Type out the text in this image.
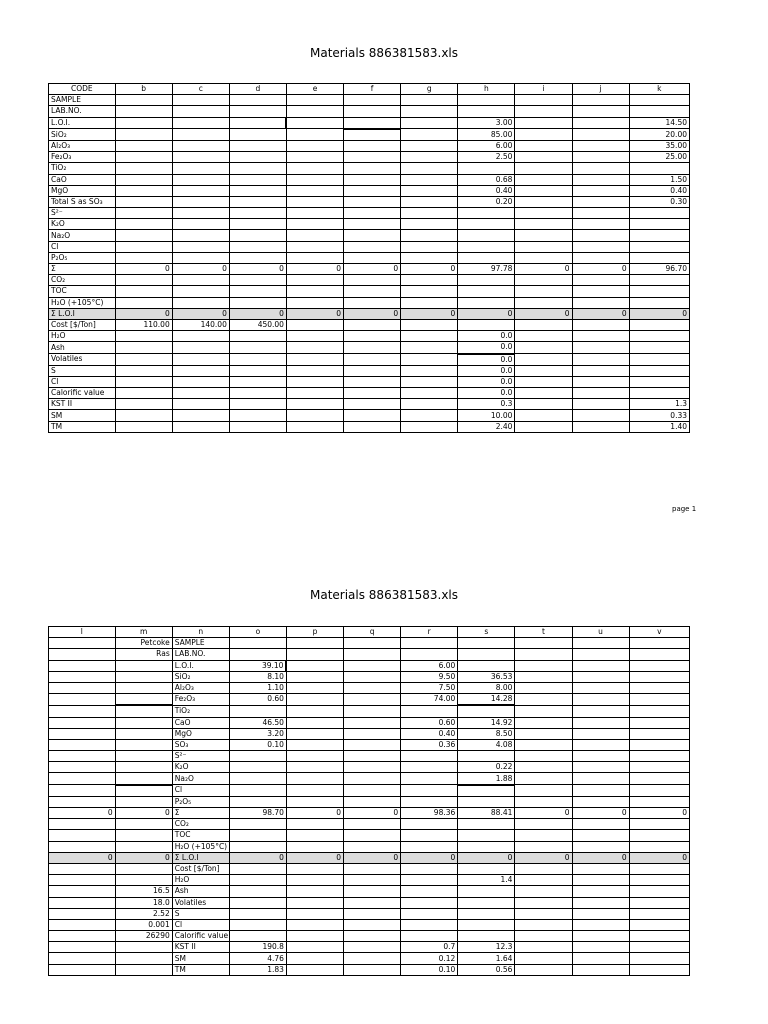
Materials 886381583.xls
CODE	b	c	d	e	f	g	h	i	j	k
SAMPLE										
LAB.NO.										
L.O.I.							3.00			14.50
SiO₂							85.00			20.00
Al₂O₃							6.00			35.00
Fe₂O₃							2.50			25.00
TiO₂										
CaO							0.68			1.50
MgO							0.40			0.40
Total S as SO₃							0.20			0.30
S²⁻										
K₂O										
Na₂O										
Cl										
P₂O₅										
Σ	0	0	0	0	0	0	97.78	0	0	96.70
CO₂										
TOC										
H₂O (+105°C)										
Σ L.O.I	0	0	0	0	0	0	0	0	0	0
Cost [$/Ton]	110.00	140.00	450.00							
H₂O							0.0			
Ash							0.0			
Volatiles							0.0			
S							0.0			
Cl							0.0			
Calorific value							0.0			
KST II							0.3			1.3
SM							10.00			0.33
TM							2.40			1.40
page 1
Materials 886381583.xls
l	m	n	o	p	q	r	s	t	u	v
	Petcoke	SAMPLE								
	Ras	LAB.NO.								
		L.O.I.	39.10			6.00				
		SiO₂	8.10			9.50	36.53			
		Al₂O₃	1.10			7.50	8.00			
		Fe₂O₃	0.60			74.00	14.28			
		TiO₂								
		CaO	46.50			0.60	14.92			
		MgO	3.20			0.40	8.50			
		SO₃	0.10			0.36	4.08			
		S²⁻								
		K₂O					0.22			
		Na₂O					1.88			
		Cl								
		P₂O₅								
0	0	Σ	98.70	0	0	98.36	88.41	0	0	0
		CO₂								
		TOC								
		H₂O (+105°C)								
0	0	Σ L.O.I	0	0	0	0	0	0	0	0
		Cost [$/Ton]								
		H₂O					1.4			
	16.5	Ash								
	18.0	Volatiles								
	2.52	S								
	0.001	Cl								
	26290	Calorific value								
		KST II	190.8			0.7	12.3			
		SM	4.76			0.12	1.64			
		TM	1.83			0.10	0.56			
